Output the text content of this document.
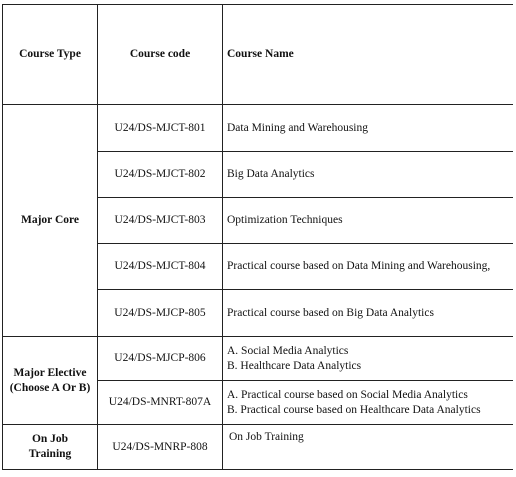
Course Type	Course code	Course Name
Major Core	U24/DS-MJCT-801	Data Mining and Warehousing
	U24/DS-MJCT-802	Big Data Analytics
	U24/DS-MJCT-803	Optimization Techniques
	U24/DS-MJCT-804	Practical course based on Data Mining and Warehousing,
	U24/DS-MJCP-805	Practical course based on Big Data Analytics

Major Elective
(Choose A Or B)	U24/DS-MJCP-806	A. Social Media Analytics
B. Healthcare Data Analytics

	U24/DS-MNRT-807A	A. Practical course based on Social Media Analytics
B. Practical course based on Healthcare Data Analytics

On Job
Training	U24/DS-MNRP-808	On Job Training
